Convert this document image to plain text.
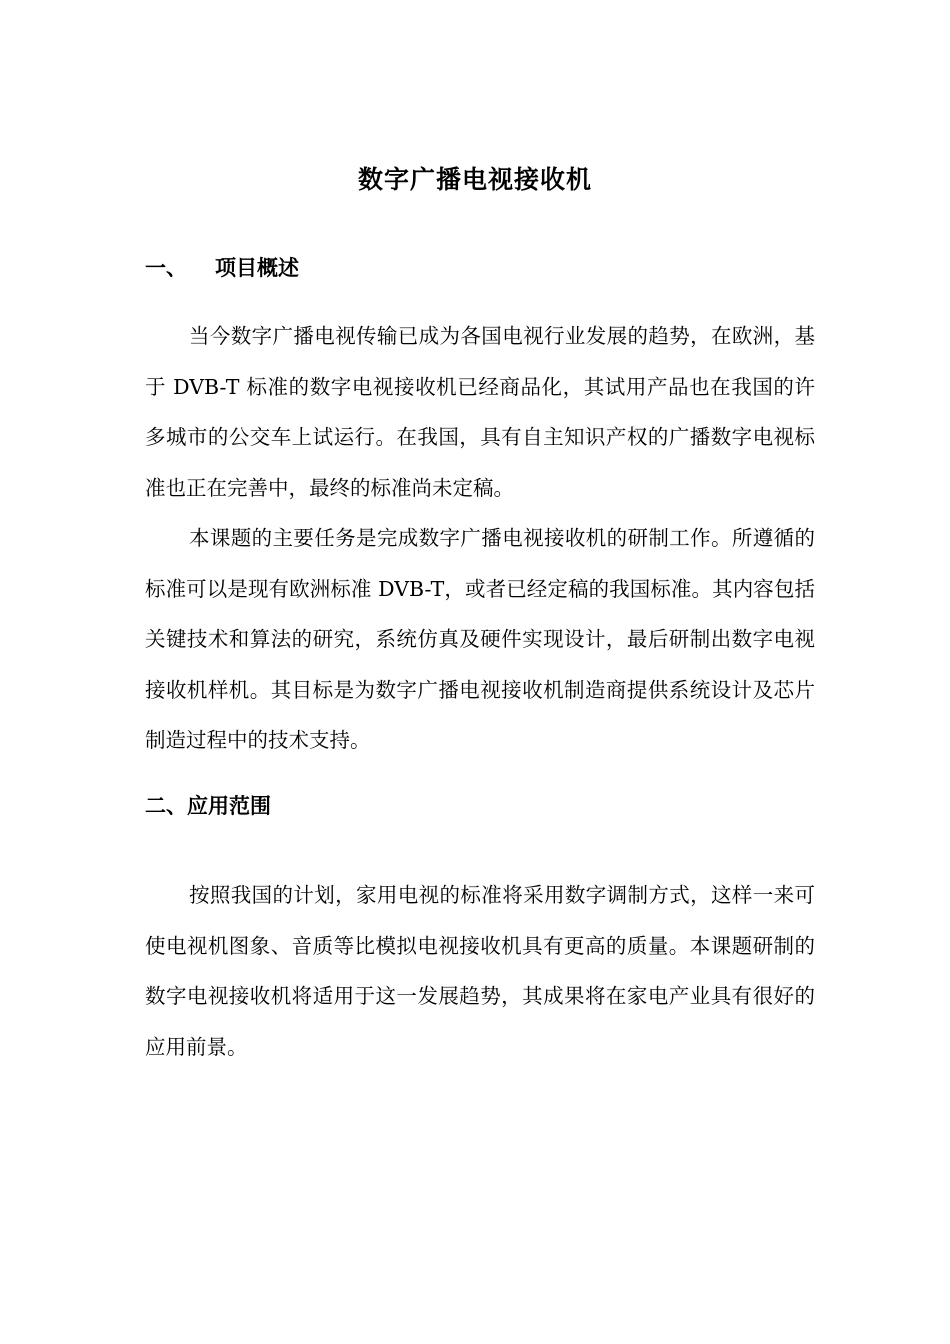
数字广播电视接收机
一、 项目概述

当今数字广播电视传输已成为各国电视行业发展的趋势，在欧洲，基于 DVB-T 标准的数字电视接收机已经商品化，其试用产品也在我国的许多城市的公交车上试运行。在我国，具有自主知识产权的广播数字电视标准也正在完善中，最终的标准尚未定稿。

本课题的主要任务是完成数字广播电视接收机的研制工作。所遵循的标准可以是现有欧洲标准 DVB-T，或者已经定稿的我国标准。其内容包括关键技术和算法的研究，系统仿真及硬件实现设计，最后研制出数字电视接收机样机。其目标是为数字广播电视接收机制造商提供系统设计及芯片制造过程中的技术支持。

二、应用范围

按照我国的计划，家用电视的标准将采用数字调制方式，这样一来可使电视机图象、音质等比模拟电视接收机具有更高的质量。本课题研制的数字电视接收机将适用于这一发展趋势，其成果将在家电产业具有很好的应用前景。
